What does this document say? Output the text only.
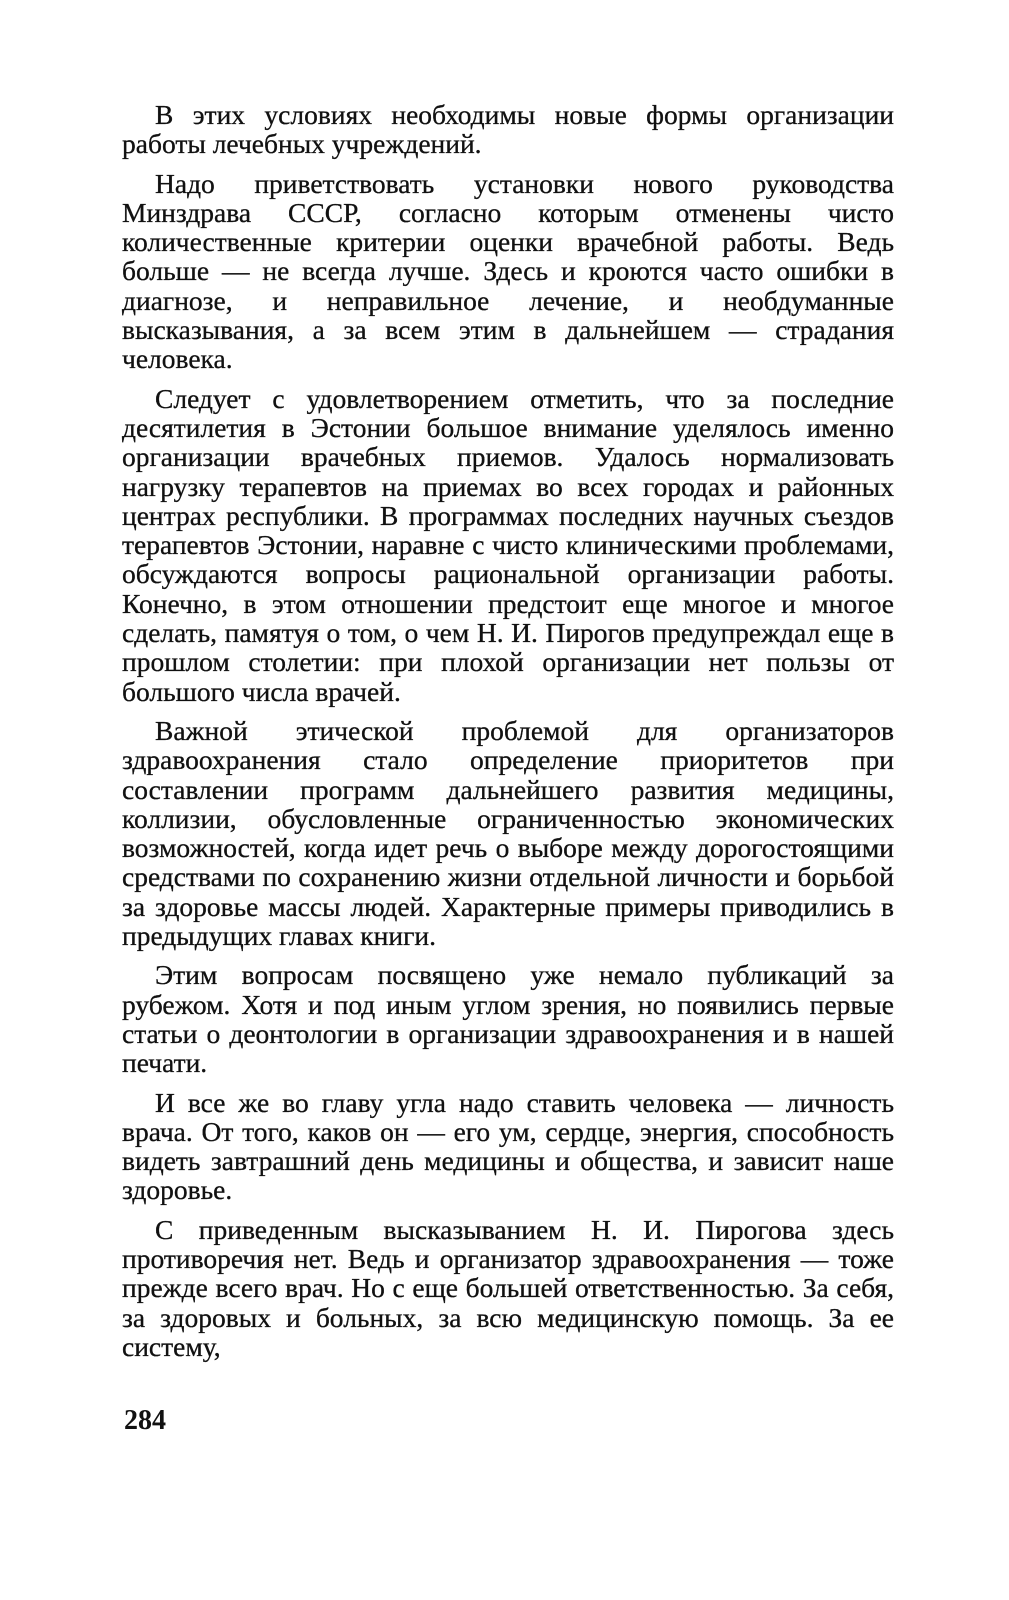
В этих условиях необходимы новые формы организации работы лечебных учреждений.

Надо приветствовать установки нового руководства Минздрава СССР, согласно которым отменены чисто количественные критерии оценки врачебной работы. Ведь больше — не всегда лучше. Здесь и кроются часто ошибки в диагнозе, и неправильное лечение, и необдуманные высказывания, а за всем этим в дальнейшем — страдания человека.

Следует с удовлетворением отметить, что за последние десятилетия в Эстонии большое внимание уделялось именно организации врачебных приемов. Удалось нормализовать нагрузку терапевтов на приемах во всех городах и районных центрах республики. В программах последних научных съездов терапевтов Эстонии, наравне с чисто клиническими проблемами, обсуждаются вопросы рациональной организации работы. Конечно, в этом отношении предстоит еще многое и многое сделать, памятуя о том, о чем Н. И. Пирогов предупреждал еще в прошлом столетии: при плохой организации нет пользы от большого числа врачей.

Важной этической проблемой для организаторов здравоохранения стало определение приоритетов при составлении программ дальнейшего развития медицины, коллизии, обусловленные ограниченностью экономических возможностей, когда идет речь о выборе между дорогостоящими средствами по сохранению жизни отдельной личности и борьбой за здоровье массы людей. Характерные примеры приводились в предыдущих главах книги.

Этим вопросам посвящено уже немало публикаций за рубежом. Хотя и под иным углом зрения, но появились первые статьи о деонтологии в организации здравоохранения и в нашей печати.

И все же во главу угла надо ставить человека — личность врача. От того, каков он — его ум, сердце, энергия, способность видеть завтрашний день медицины и общества, и зависит наше здоровье.

С приведенным высказыванием Н. И. Пирогова здесь противоречия нет. Ведь и организатор здравоохранения — тоже прежде всего врач. Но с еще большей ответственностью. За себя, за здоровых и больных, за всю медицинскую помощь. За ее систему,

284
